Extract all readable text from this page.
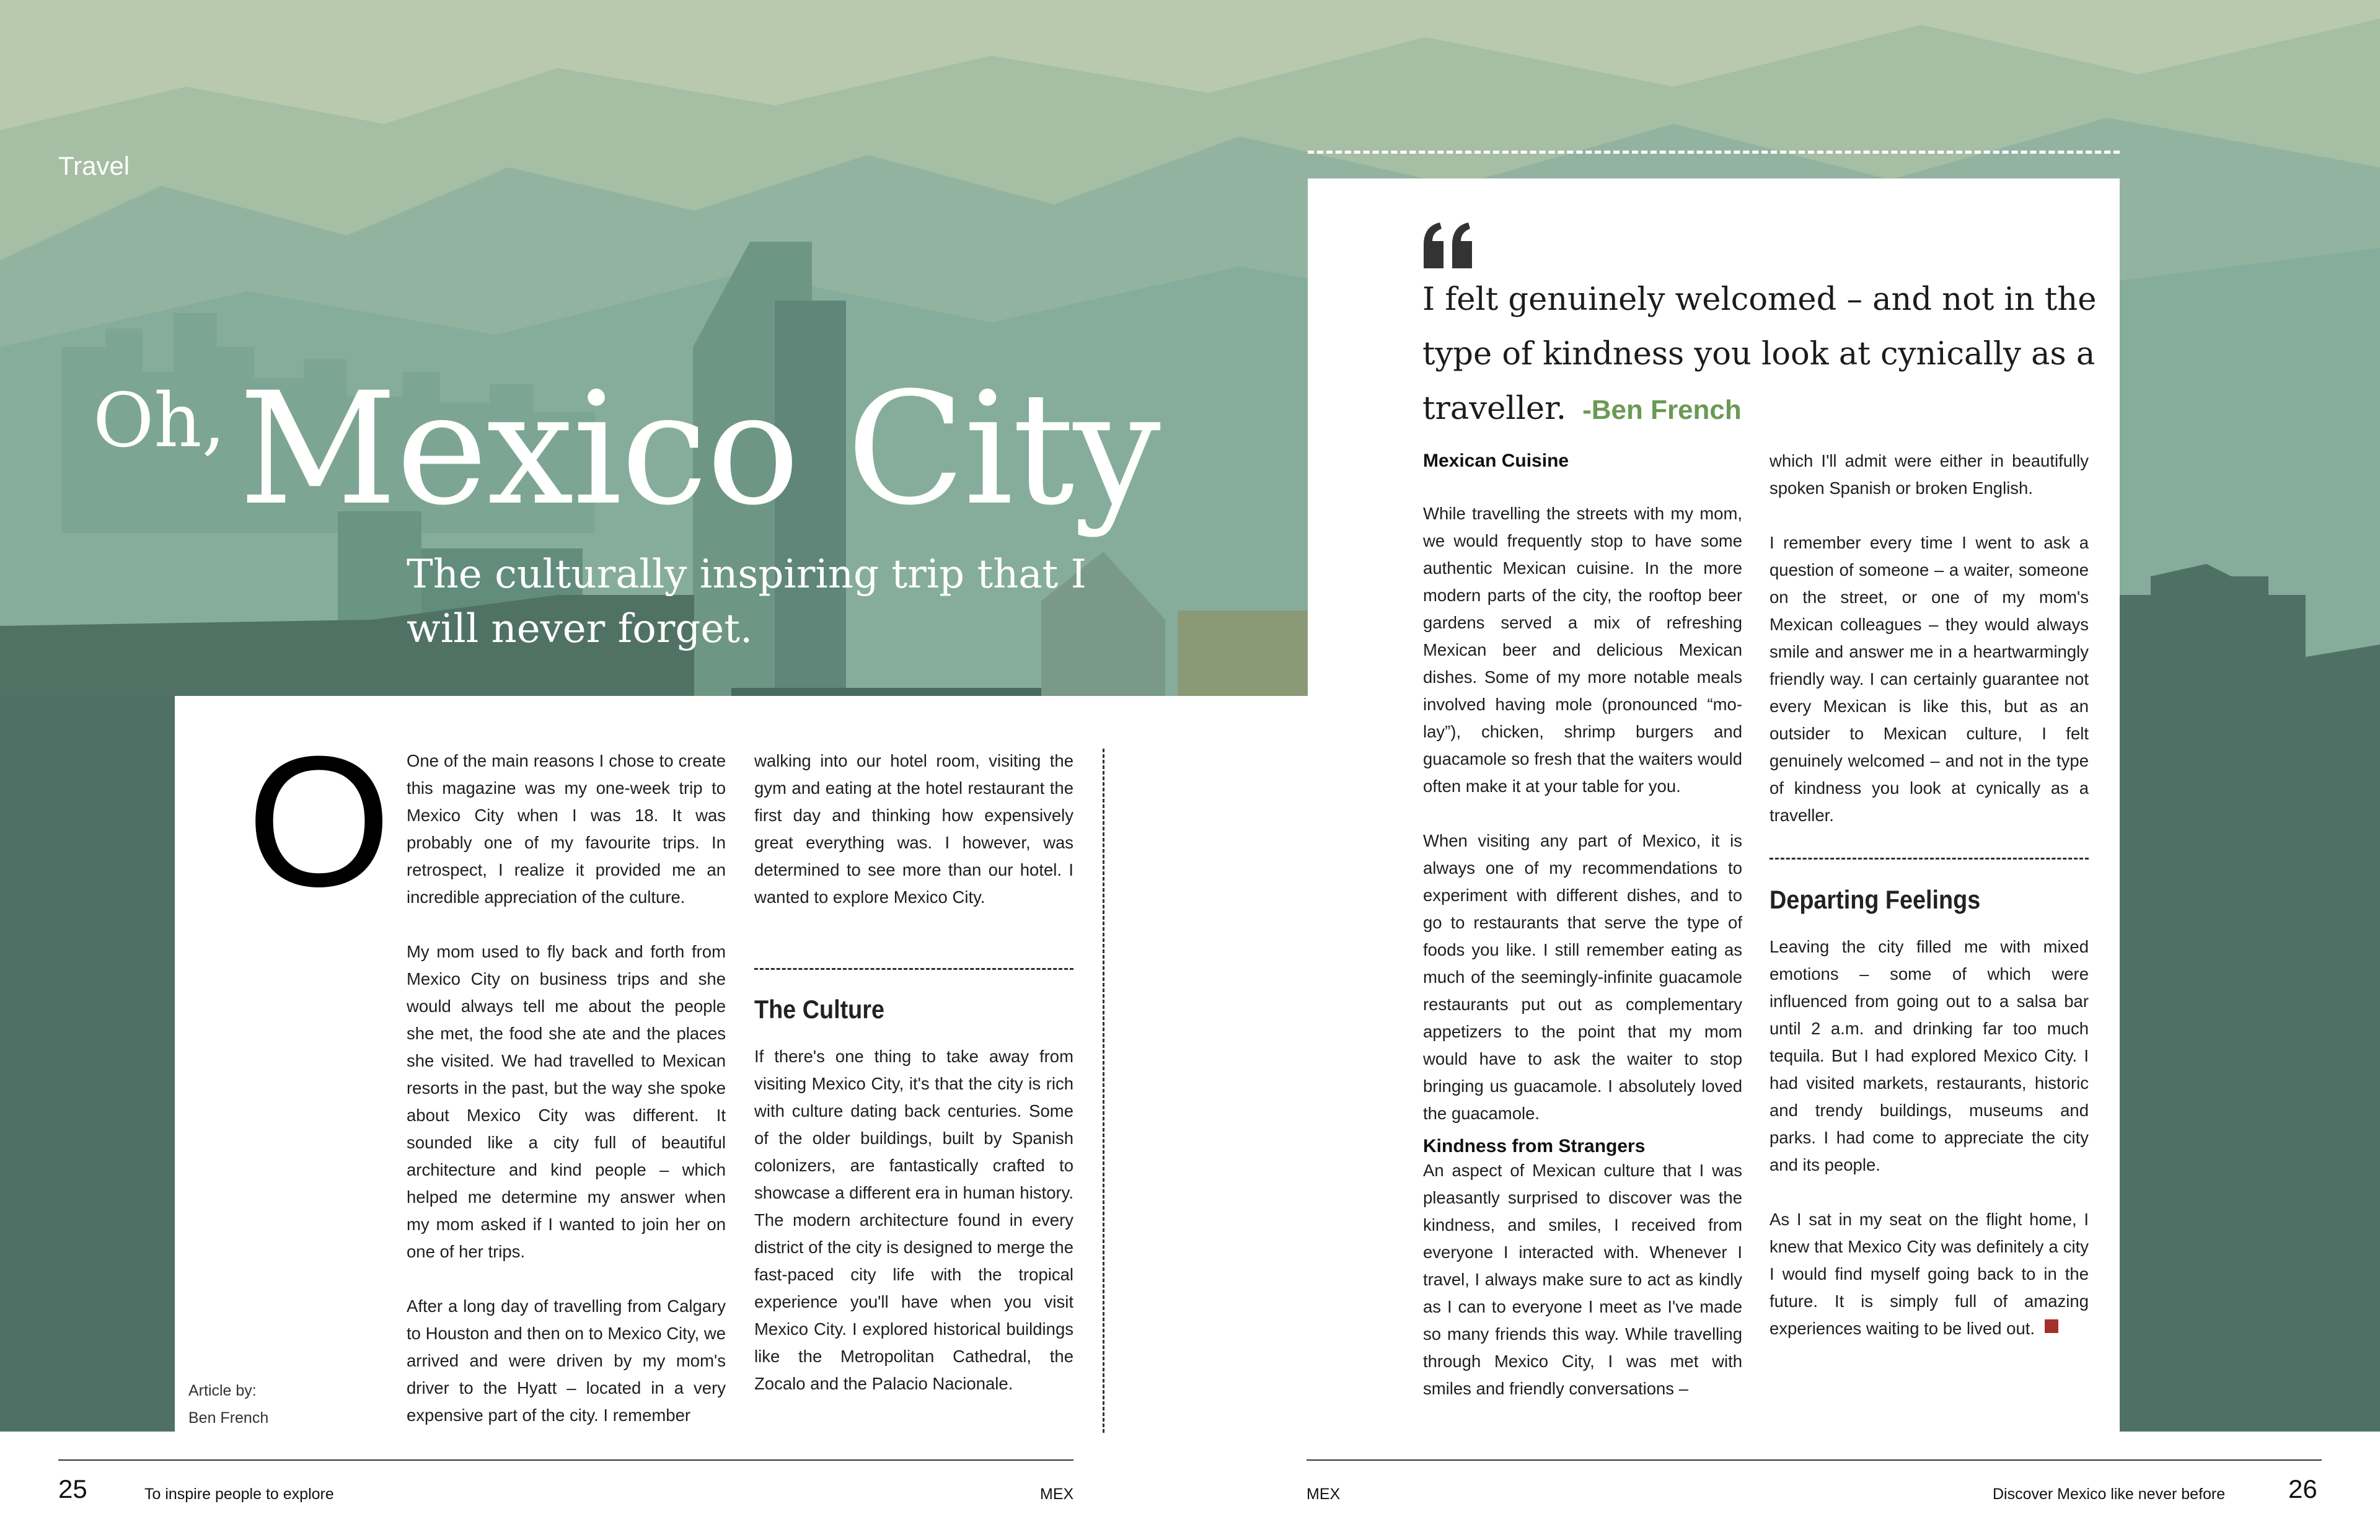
Travel
Oh, Mexico City
The culturally inspiring trip that I will never forget.
O One of the main reasons I chose to create this magazine was my one-week trip to Mexico City when I was 18. It was probably one of my favourite trips. In retrospect, I realize it provided me an incredible appreciation of the culture.

My mom used to fly back and forth from Mexico City on business trips and she would always tell me about the people she met, the food she ate and the places she visited. We had travelled to Mexican resorts in the past, but the way she spoke about Mexico City was different. It sounded like a city full of beautiful architecture and kind people – which helped me determine my answer when my mom asked if I wanted to join her on one of her trips.

After a long day of travelling from Calgary to Houston and then on to Mexico City, we arrived and were driven by my mom's driver to the Hyatt – located in a very expensive part of the city. I remember

walking into our hotel room, visiting the gym and eating at the hotel restaurant the first day and thinking how expensively great everything was. I however, was determined to see more than our hotel. I wanted to explore Mexico City.

The Culture

If there's one thing to take away from visiting Mexico City, it's that the city is rich with culture dating back centuries. Some of the older buildings, built by Spanish colonizers, are fantastically crafted to showcase a different era in human history. The modern architecture found in every district of the city is designed to merge the fast-paced city life with the tropical experience you'll have when you visit Mexico City. I explored historical buildings like the Metropolitan Cathedral, the Zocalo and the Palacio Nacionale.

Article by:
Ben French
I felt genuinely welcomed – and not in the type of kindness you look at cynically as a traveller. -Ben French
Mexican Cuisine

While travelling the streets with my mom, we would frequently stop to have some authentic Mexican cuisine. In the more modern parts of the city, the rooftop beer gardens served a mix of refreshing Mexican beer and delicious Mexican dishes. Some of my more notable meals involved having mole (pronounced “mo-lay”), chicken, shrimp burgers and guacamole so fresh that the waiters would often make it at your table for you.

When visiting any part of Mexico, it is always one of my recommendations to experiment with different dishes, and to go to restaurants that serve the type of foods you like. I still remember eating as much of the seemingly-infinite guacamole restaurants put out as complementary appetizers to the point that my mom would have to ask the waiter to stop bringing us guacamole. I absolutely loved the guacamole.

Kindness from Strangers

An aspect of Mexican culture that I was pleasantly surprised to discover was the kindness, and smiles, I received from everyone I interacted with. Whenever I travel, I always make sure to act as kindly as I can to everyone I meet as I've made so many friends this way. While travelling through Mexico City, I was met with smiles and friendly conversations –

which I'll admit were either in beautifully spoken Spanish or broken English.

I remember every time I went to ask a question of someone – a waiter, someone on the street, or one of my mom's Mexican colleagues – they would always smile and answer me in a heartwarmingly friendly way. I can certainly guarantee not every Mexican is like this, but as an outsider to Mexican culture, I felt genuinely welcomed – and not in the type of kindness you look at cynically as a traveller.

Departing Feelings

Leaving the city filled me with mixed emotions – some of which were influenced from going out to a salsa bar until 2 a.m. and drinking far too much tequila. But I had explored Mexico City. I had visited markets, restaurants, historic and trendy buildings, museums and parks. I had come to appreciate the city and its people.

As I sat in my seat on the flight home, I knew that Mexico City was definitely a city I would find myself going back to in the future. It is simply full of amazing experiences waiting to be lived out.

25	To inspire people to explore	MEX	MEX	Discover Mexico like never before 26
